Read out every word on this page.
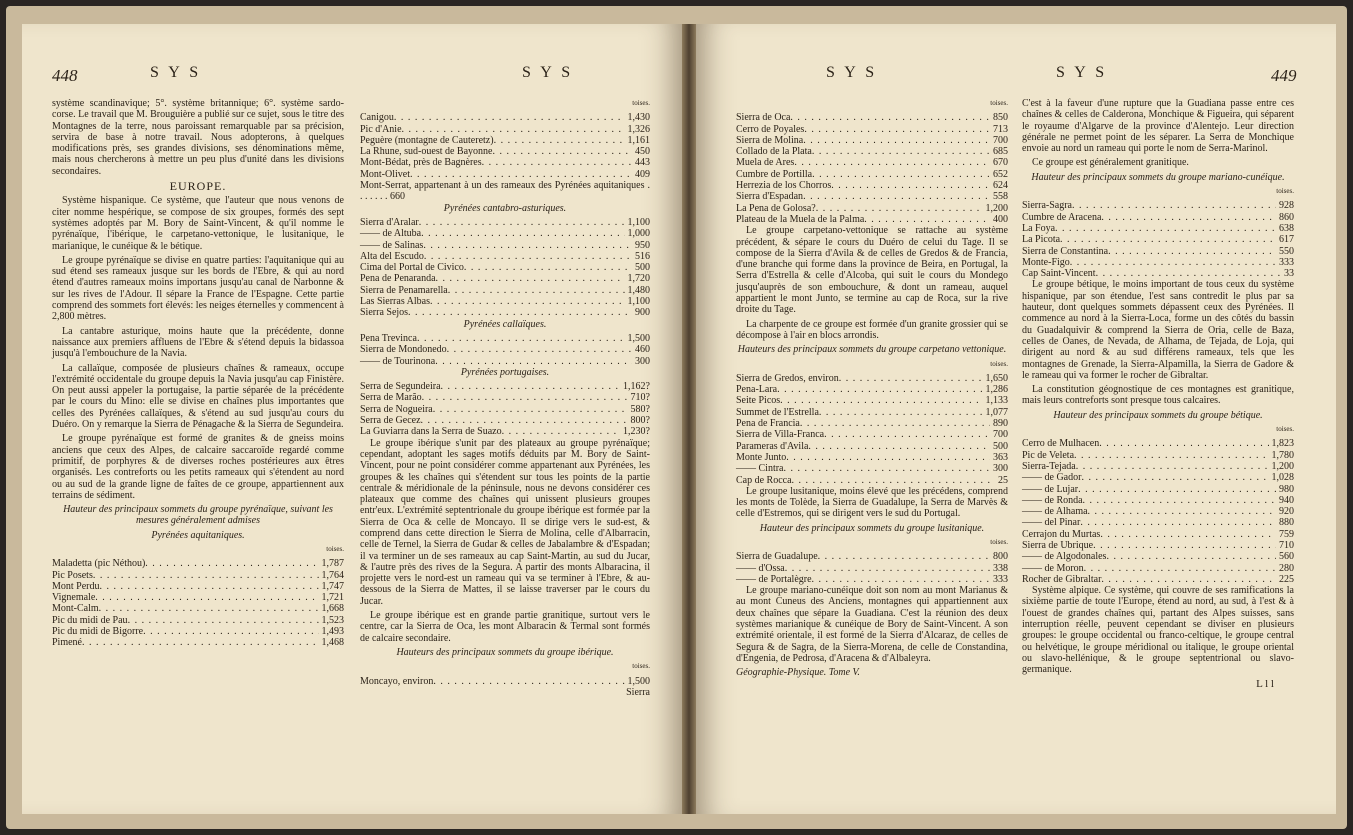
448	S Y S	S Y S

système scandinavique; 5°. système britannique; 6°. système sardo-corse. Le travail que M. Brouguière a publié sur ce sujet, sous le titre des Montagnes de la terre, nous paroissant remarquable par sa précision, servira de base à notre travail. Nous adopterons, à quelques modifications près, ses grandes divisions, ses dénominations même, mais nous chercherons à mettre un peu plus d'unité dans les divisions secondaires.

EUROPE.

Système hispanique. Ce système, que l'auteur que nous venons de citer nomme hespérique, se compose de six groupes, formés des sept systèmes adoptés par M. Bory de Saint-Vincent, & qu'il nomme le pyrénaïque, l'ibérique, le carpetano-vettonique, le lusitanique, le marianique, le cunéique & le bétique.

Le groupe pyrénaïque se divise en quatre parties: l'aquitanique qui au sud étend ses rameaux jusque sur les bords de l'Ebre, & qui au nord étend d'autres rameaux moins importans jusqu'au canal de Narbonne & sur les rives de l'Adour. Il sépare la France de l'Espagne. Cette partie comprend des sommets fort élevés: les neiges éternelles y commencent à 2,800 mètres.

La cantabre asturique, moins haute que la précédente, donne naissance aux premiers affluens de l'Ebre & s'étend depuis la bidassoa jusqu'à l'embouchure de la Navia.

La callaïque, composée de plusieurs chaînes & rameaux, occupe l'extrémité occidentale du groupe depuis la Navia jusqu'au cap Finistère. On peut aussi appeler la portugaise, la partie séparée de la précédente par le cours du Mino: elle se divise en chaînes plus importantes que celles des Pyrénées callaïques, & s'étend au sud jusqu'au cours du Duéro. On y remarque la Sierra de Pénagache & la Sierra de Segundeira.

Le groupe pyrénaïque est formé de granites & de gneiss moins anciens que ceux des Alpes, de calcaire saccaroïde regardé comme primitif, de porphyres & de diverses roches postérieures aux êtres organisés. Les contreforts ou les petits rameaux qui s'étendent au nord ou au sud de la grande ligne de faîtes de ce groupe, appartiennent aux terrains de sédiment.

Hauteur des principaux sommets du groupe pyrénaïque, suivant les mesures généralement admises

Pyrénées aquitaniques.

toises.

Maladetta (pic Néthou) . . .	1,787
Pic Posets . . .	1,764
Mont Perdu . . .	1,747
Vignemale . . .	1,721
Mont-Calm . . .	1,668
Pic du midi de Pau . . .	1,523
Pic du midi de Bigorre . . .	1,493
Pimené . . .	1,468

toises.

Canigou . . .	1,430
Pic d'Anie . . .	1,326
Peguère (montagne de Cauteretz) . . .	1,161
La Rhune, sud-ouest de Bayonne . . .	450
Mont-Bédat, près de Bagnères . . .	443
Mont-Olivet . . .	409

Mont-Serrat, appartenant à un des rameaux des Pyrénées aquitaniques . . . . . . . 660

Pyrénées cantabro-asturiques.

Sierra d'Aralar . . .	1,100
—— de Altuba . . .	1,000
—— de Salinas . . .	950
Alta del Escudo . . .	516
Cima del Portal de Civico . . .	500
Pena de Penaranda . . .	1,720
Sierra de Penamarella . . .	1,480
Las Sierras Albas . . .	1,100
Sierra Sejos . . .	900

Pyrénées callaïques.

Pena Trevinca . . .	1,500
Sierra de Mondonedo . . .	460
—— de Tourinona . . .	300

Pyrénées portugaises.

Serra de Segundeira . . .	1,162?
Serra de Marão . . .	710?
Serra de Nogueira . . .	580?
Serra de Gecez . . .	800?
La Guviarra dans la Serra de Suazo . . .	1,230?

Le groupe ibérique s'unit par des plateaux au groupe pyrénaïque; cependant, adoptant les sages motifs déduits par M. Bory de Saint-Vincent, pour ne point considérer comme appartenant aux Pyrénées, les groupes & les chaînes qui s'étendent sur tous les points de la partie centrale & méridionale de la péninsule, nous ne devons considérer ces plateaux que comme des chaînes qui unissent plusieurs groupes entr'eux. L'extrémité septentrionale du groupe ibérique est formée par la Sierra de Oca & celle de Moncayo. Il se dirige vers le sud-est, & comprend dans cette direction le Sierra de Molina, celle d'Albarracin, celle de Ternel, la Sierra de Gudar & celles de Jabalambre & d'Espadan; il va terminer un de ses rameaux au cap Saint-Martin, au sud du Jucar, & l'autre près des rives de la Segura. A partir des monts Albaracina, il projette vers le nord-est un rameau qui va se terminer à l'Ebre, & au-dessous de la Sierra de Mattes, il se laisse traverser par le cours du Jucar.

Le groupe ibérique est en grande partie granitique, surtout vers le centre, car la Sierra de Oca, les mont Albaracin & Termal sont formés de calcaire secondaire.

Hauteurs des principaux sommets du groupe ibérique.

toises.

Moncayo, environ . . .	1,500

Sierra

S Y S	S Y S	449

toises.

Sierra de Oca . . .	850
Cerro de Poyales . . .	713
Sierra de Molina . . .	700
Collado de la Plata . . .	685
Muela de Ares . . .	670
Cumbre de Portilla . . .	652
Herrezia de los Chorros . . .	624
Sierra d'Espadan . . .	558
La Pena de Golosa? . . .	1,200
Plateau de la Muela de la Palma . . .	400

Le groupe carpetano-vettonique se rattache au système précédent, & sépare le cours du Duéro de celui du Tage. Il se compose de la Sierra d'Avila & de celles de Gredos & de Francia, d'une branche qui forme dans la province de Beira, en Portugal, la Serra d'Estrella & celle d'Alcoba, qui suit le cours du Mondego jusqu'auprès de son embouchure, & dont un rameau, auquel appartient le mont Junto, se termine au cap de Roca, sur la rive droite du Tage.

La charpente de ce groupe est formée d'un granite grossier qui se décompose à l'air en blocs arrondis.

Hauteurs des principaux sommets du groupe carpetano vettonique.

toises.

Sierra de Gredos, environ . . .	1,650
Pena-Lara . . .	1,286
Seite Picos . . .	1,133
Summet de l'Estrella . . .	1,077
Pena de Francia . . .	890
Sierra de Villa-Franca . . .	700
Paramerаs d'Avila . . .	500
Monte Junto . . .	363
—— Cintra . . .	300
Cap de Rocca . . .	25

Le groupe lusitanique, moins élevé que les précédens, comprend les monts de Tolède, la Sierra de Guadalupe, la Serra de Marvès & celle d'Estremos, qui se dirigent vers le sud du Portugal.

Hauteur des principaux sommets du groupe lusitanique.

toises.

Sierra de Guadalupe . . .	800
—— d'Ossa . . .	338
—— de Portalègre . . .	333

Le groupe mariano-cunéique doit son nom au mont Marianus & au mont Cuneus des Anciens, montagnes qui appartiennent aux deux chaînes que sépare la Guadiana. C'est la réunion des deux systèmes marianique & cunéique de Bory de Saint-Vincent. A son extrémité orientale, il est formé de la Sierra d'Alcaraz, de celles de Segura & de Sagra, de la Sierra-Morena, de celle de Constandina, d'Engenia, de Pedrosa, d'Aracena & d'Albaleyra.

Géographie-Physique. Tome V.

C'est à la faveur d'une rupture que la Guadiana passe entre ces chaînes & celles de Calderona, Monchique & Figueira, qui séparent le royaume d'Algarve de la province d'Alentejo. Leur direction générale ne permet point de les séparer. La Serra de Monchique envoie au nord un rameau qui porte le nom de Serra-Marinol.

Ce groupe est généralement granitique.

Hauteur des principaux sommets du groupe mariano-cunéique.

toises.

Sierra-Sagra . . .	928
Cumbre de Aracena . . .	860
La Foya . . .	638
La Picota . . .	617
Sierra de Constantina . . .	550
Monte-Figo . . .	333
Cap Saint-Vincent . . .	33

Le groupe bétique, le moins important de tous ceux du système hispanique, par son étendue, l'est sans contredit le plus par sa hauteur, dont quelques sommets dépassent ceux des Pyrénées. Il commence au nord à la Sierra-Loca, forme un des côtés du bassin du Guadalquivir & comprend la Sierra de Oria, celle de Baza, celles de Oanes, de Nevada, de Alhama, de Tejada, de Loja, qui dirigent au nord & au sud différens rameaux, tels que les montagnes de Grenade, la Sierra-Alpamilla, la Sierra de Gadore & le rameau qui va former le rocher de Gibraltar.

La constitution géognostique de ces montagnes est granitique, mais leurs contreforts sont presque tous calcaires.

Hauteur des principaux sommets du groupe bétique.

toises.

Cerro de Mulhacen . . .	1,823
Pic de Veleta . . .	1,780
Sierra-Tejada . . .	1,200
—— de Gador . . .	1,028
—— de Lujar . . .	980
—— de Ronda . . .	940
—— de Alhama . . .	920
—— del Pinar . . .	880
Cerrajon du Murtas . . .	759
Sierra de Ubrique . . .	710
—— de Algodonales . . .	560
—— de Moron . . .	280
Rocher de Gibraltar . . .	225

Système alpique. Ce système, qui couvre de ses ramifications la sixième partie de toute l'Europe, étend au nord, au sud, à l'est & à l'ouest de grandes chaînes qui, partant des Alpes suisses, sans interruption réelle, peuvent cependant se diviser en plusieurs groupes: le groupe occidental ou franco-celtique, le groupe central ou helvétique, le groupe méridional ou italique, le groupe oriental ou slavo-hellénique, & le groupe septentrional ou slavo-germanique.

L l l
